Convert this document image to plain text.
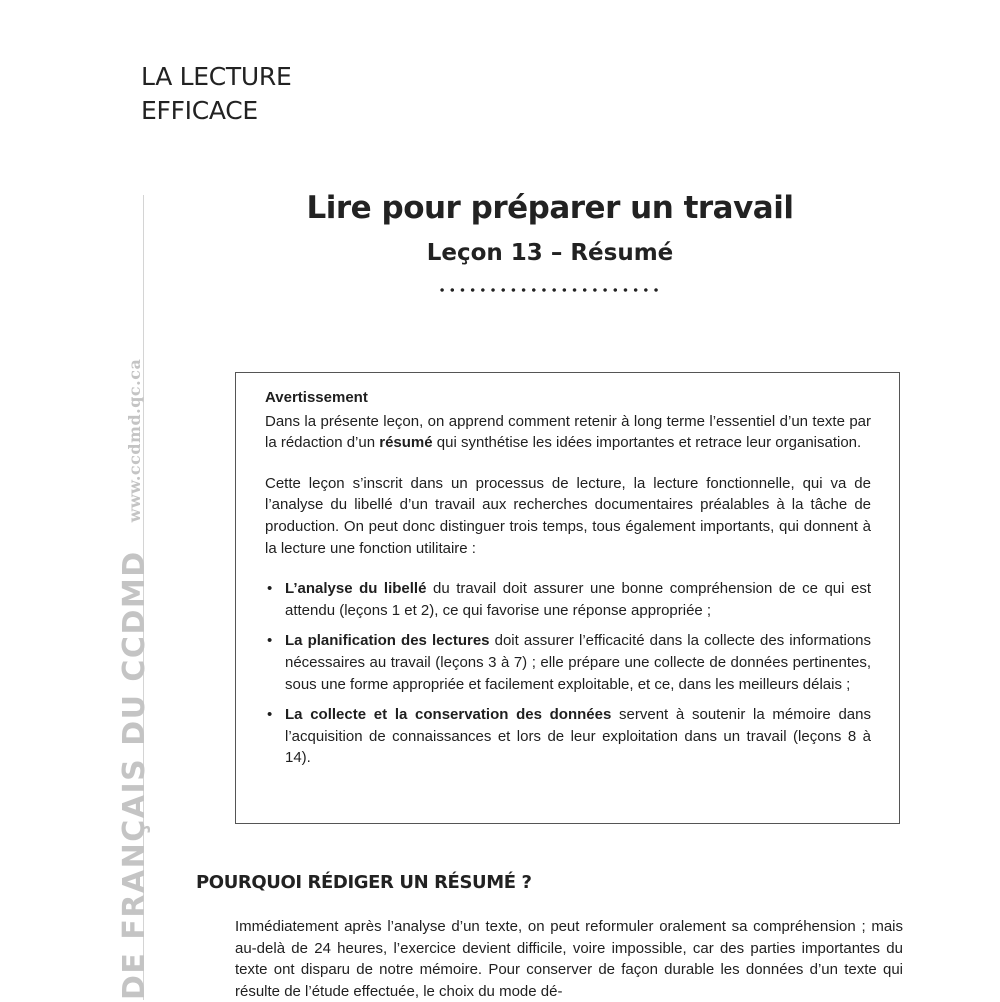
LA LECTURE
EFFICACE
DE FRANÇAIS DU CCDMD
www.ccdmd.qc.ca
Lire pour préparer un travail
Leçon 13 – Résumé
Avertissement

Dans la présente leçon, on apprend comment retenir à long terme l’essentiel d’un texte par la rédaction d’un résumé qui synthétise les idées importantes et retrace leur organisation.

Cette leçon s’inscrit dans un processus de lecture, la lecture fonctionnelle, qui va de l’analyse du libellé d’un travail aux recherches documentaires préalables à la tâche de production. On peut donc distinguer trois temps, tous également importants, qui donnent à la lecture une fonction utilitaire :

• L’analyse du libellé du travail doit assurer une bonne compréhension de ce qui est attendu (leçons 1 et 2), ce qui favorise une réponse appropriée ;
• La planification des lectures doit assurer l’efficacité dans la collecte des informations nécessaires au travail (leçons 3 à 7) ; elle prépare une collecte de données pertinentes, sous une forme appropriée et facilement exploitable, et ce, dans les meilleurs délais ;
• La collecte et la conservation des données servent à soutenir la mémoire dans l’acquisition de connaissances et lors de leur exploitation dans un travail (leçons 8 à 14).
POURQUOI RÉDIGER UN RÉSUMÉ ?

Immédiatement après l’analyse d’un texte, on peut reformuler oralement sa compréhension ; mais au-delà de 24 heures, l’exercice devient difficile, voire impossible, car des parties importantes du texte ont disparu de notre mémoire. Pour conserver de façon durable les données d’un texte qui résulte de l’étude effectuée, le choix du mode dé-
